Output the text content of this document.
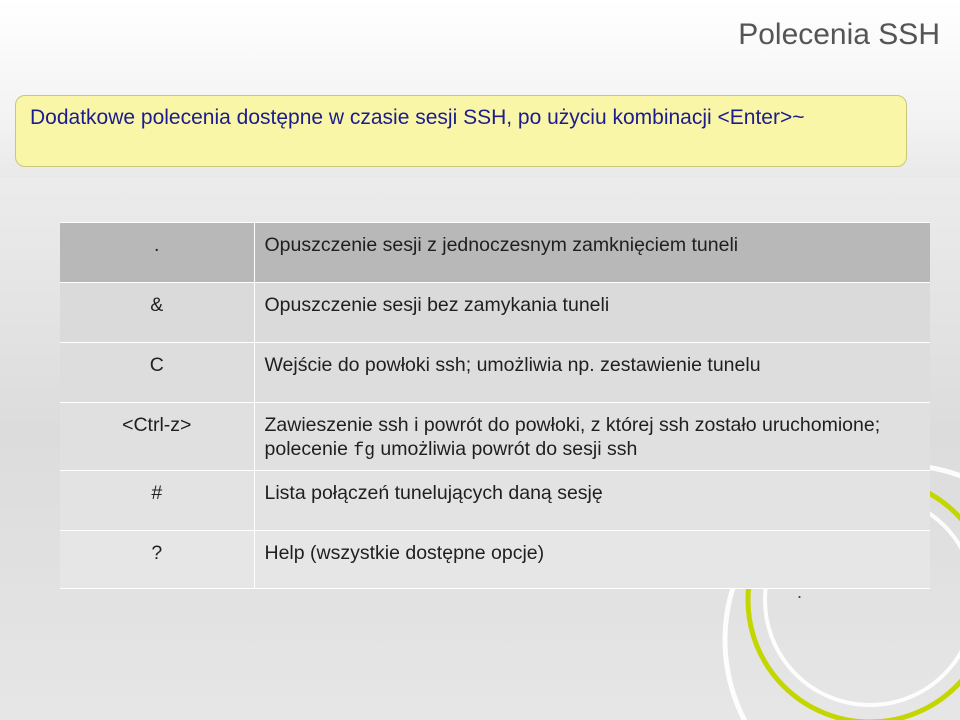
Polecenia SSH
Dodatkowe polecenia dostępne w czasie sesji SSH, po użyciu kombinacji <Enter>~
.	Opuszczenie sesji z jednoczesnym zamknięciem tuneli
&	Opuszczenie sesji bez zamykania tuneli
C	Wejście do powłoki ssh; umożliwia np. zestawienie tunelu
<Ctrl-z>	Zawieszenie ssh i powrót do powłoki, z której ssh zostało uruchomione; polecenie fg umożliwia powrót do sesji ssh
#	Lista połączeń tunelujących daną sesję
?	Help (wszystkie dostępne opcje)
.
